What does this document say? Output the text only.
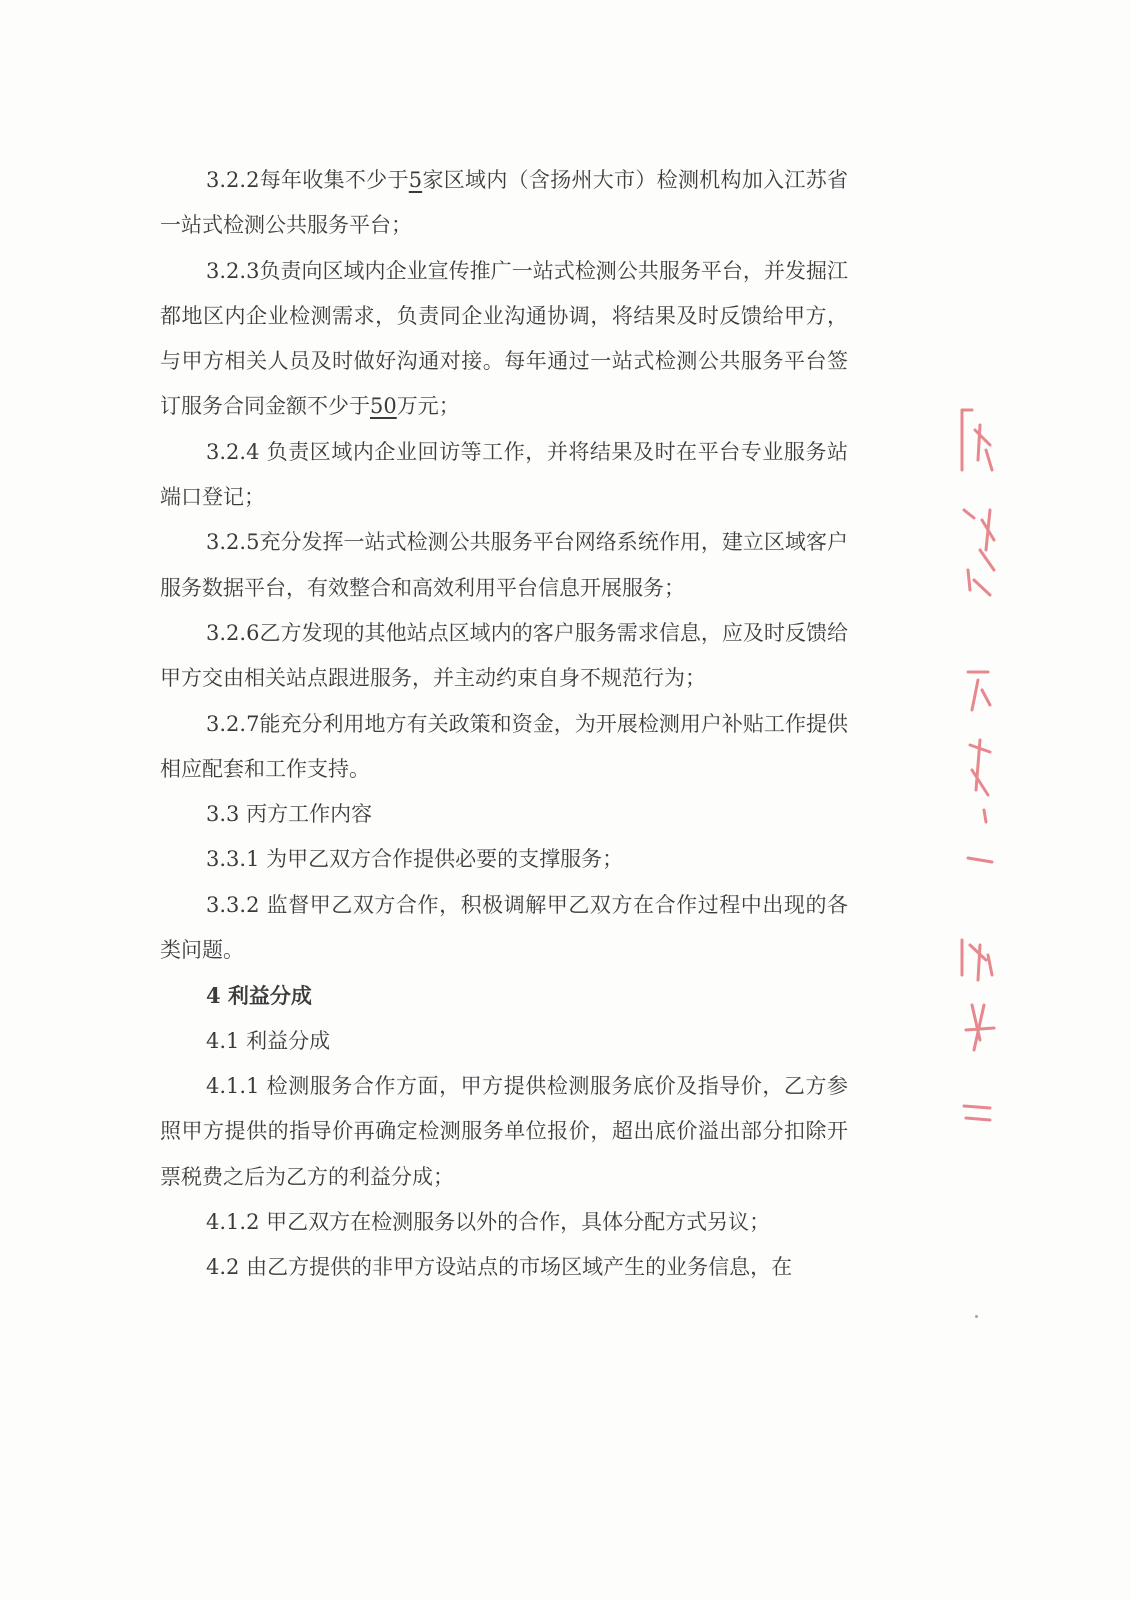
3.2.2每年收集不少于5家区域内（含扬州大市）检测机构加入江苏省一站式检测公共服务平台；

3.2.3负责向区域内企业宣传推广一站式检测公共服务平台，并发掘江都地区内企业检测需求，负责同企业沟通协调，将结果及时反馈给甲方，与甲方相关人员及时做好沟通对接。每年通过一站式检测公共服务平台签订服务合同金额不少于50万元；

3.2.4 负责区域内企业回访等工作，并将结果及时在平台专业服务站端口登记；

3.2.5充分发挥一站式检测公共服务平台网络系统作用，建立区域客户服务数据平台，有效整合和高效利用平台信息开展服务；

3.2.6乙方发现的其他站点区域内的客户服务需求信息，应及时反馈给甲方交由相关站点跟进服务，并主动约束自身不规范行为；

3.2.7能充分利用地方有关政策和资金，为开展检测用户补贴工作提供相应配套和工作支持。

3.3 丙方工作内容

3.3.1 为甲乙双方合作提供必要的支撑服务；

3.3.2 监督甲乙双方合作，积极调解甲乙双方在合作过程中出现的各类问题。

4 利益分成

4.1 利益分成

4.1.1 检测服务合作方面，甲方提供检测服务底价及指导价，乙方参照甲方提供的指导价再确定检测服务单位报价，超出底价溢出部分扣除开票税费之后为乙方的利益分成；

4.1.2 甲乙双方在检测服务以外的合作，具体分配方式另议；

4.2 由乙方提供的非甲方设站点的市场区域产生的业务信息，在
